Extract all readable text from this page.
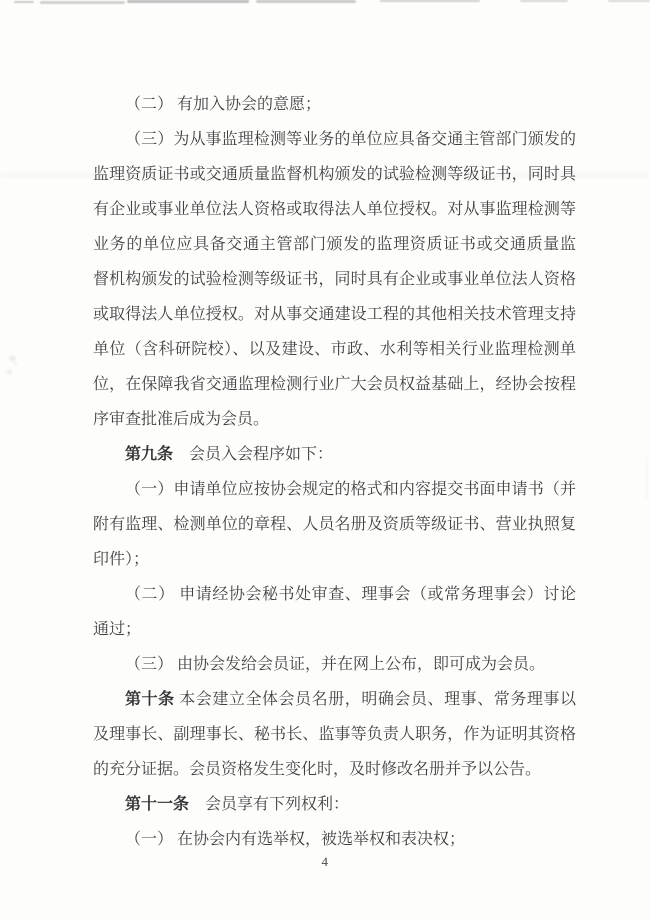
（二） 有加入协会的意愿；
（三）为从事监理检测等业务的单位应具备交通主管部门颁发的
监理资质证书或交通质量监督机构颁发的试验检测等级证书，同时具
有企业或事业单位法人资格或取得法人单位授权。对从事监理检测等
业务的单位应具备交通主管部门颁发的监理资质证书或交通质量监
督机构颁发的试验检测等级证书，同时具有企业或事业单位法人资格
或取得法人单位授权。对从事交通建设工程的其他相关技术管理支持
单位（含科研院校）、以及建设、市政、水利等相关行业监理检测单
位，在保障我省交通监理检测行业广大会员权益基础上，经协会按程
序审查批准后成为会员。
第九条　会员入会程序如下：
（一）申请单位应按协会规定的格式和内容提交书面申请书（并
附有监理、检测单位的章程、人员名册及资质等级证书、营业执照复
印件）；
（二） 申请经协会秘书处审查、理事会（或常务理事会）讨论
通过；
（三） 由协会发给会员证，并在网上公布，即可成为会员。
第十条 本会建立全体会员名册，明确会员、理事、常务理事以
及理事长、副理事长、秘书长、监事等负责人职务，作为证明其资格
的充分证据。会员资格发生变化时，及时修改名册并予以公告。
第十一条　会员享有下列权利：
（一） 在协会内有选举权，被选举权和表决权；
4
